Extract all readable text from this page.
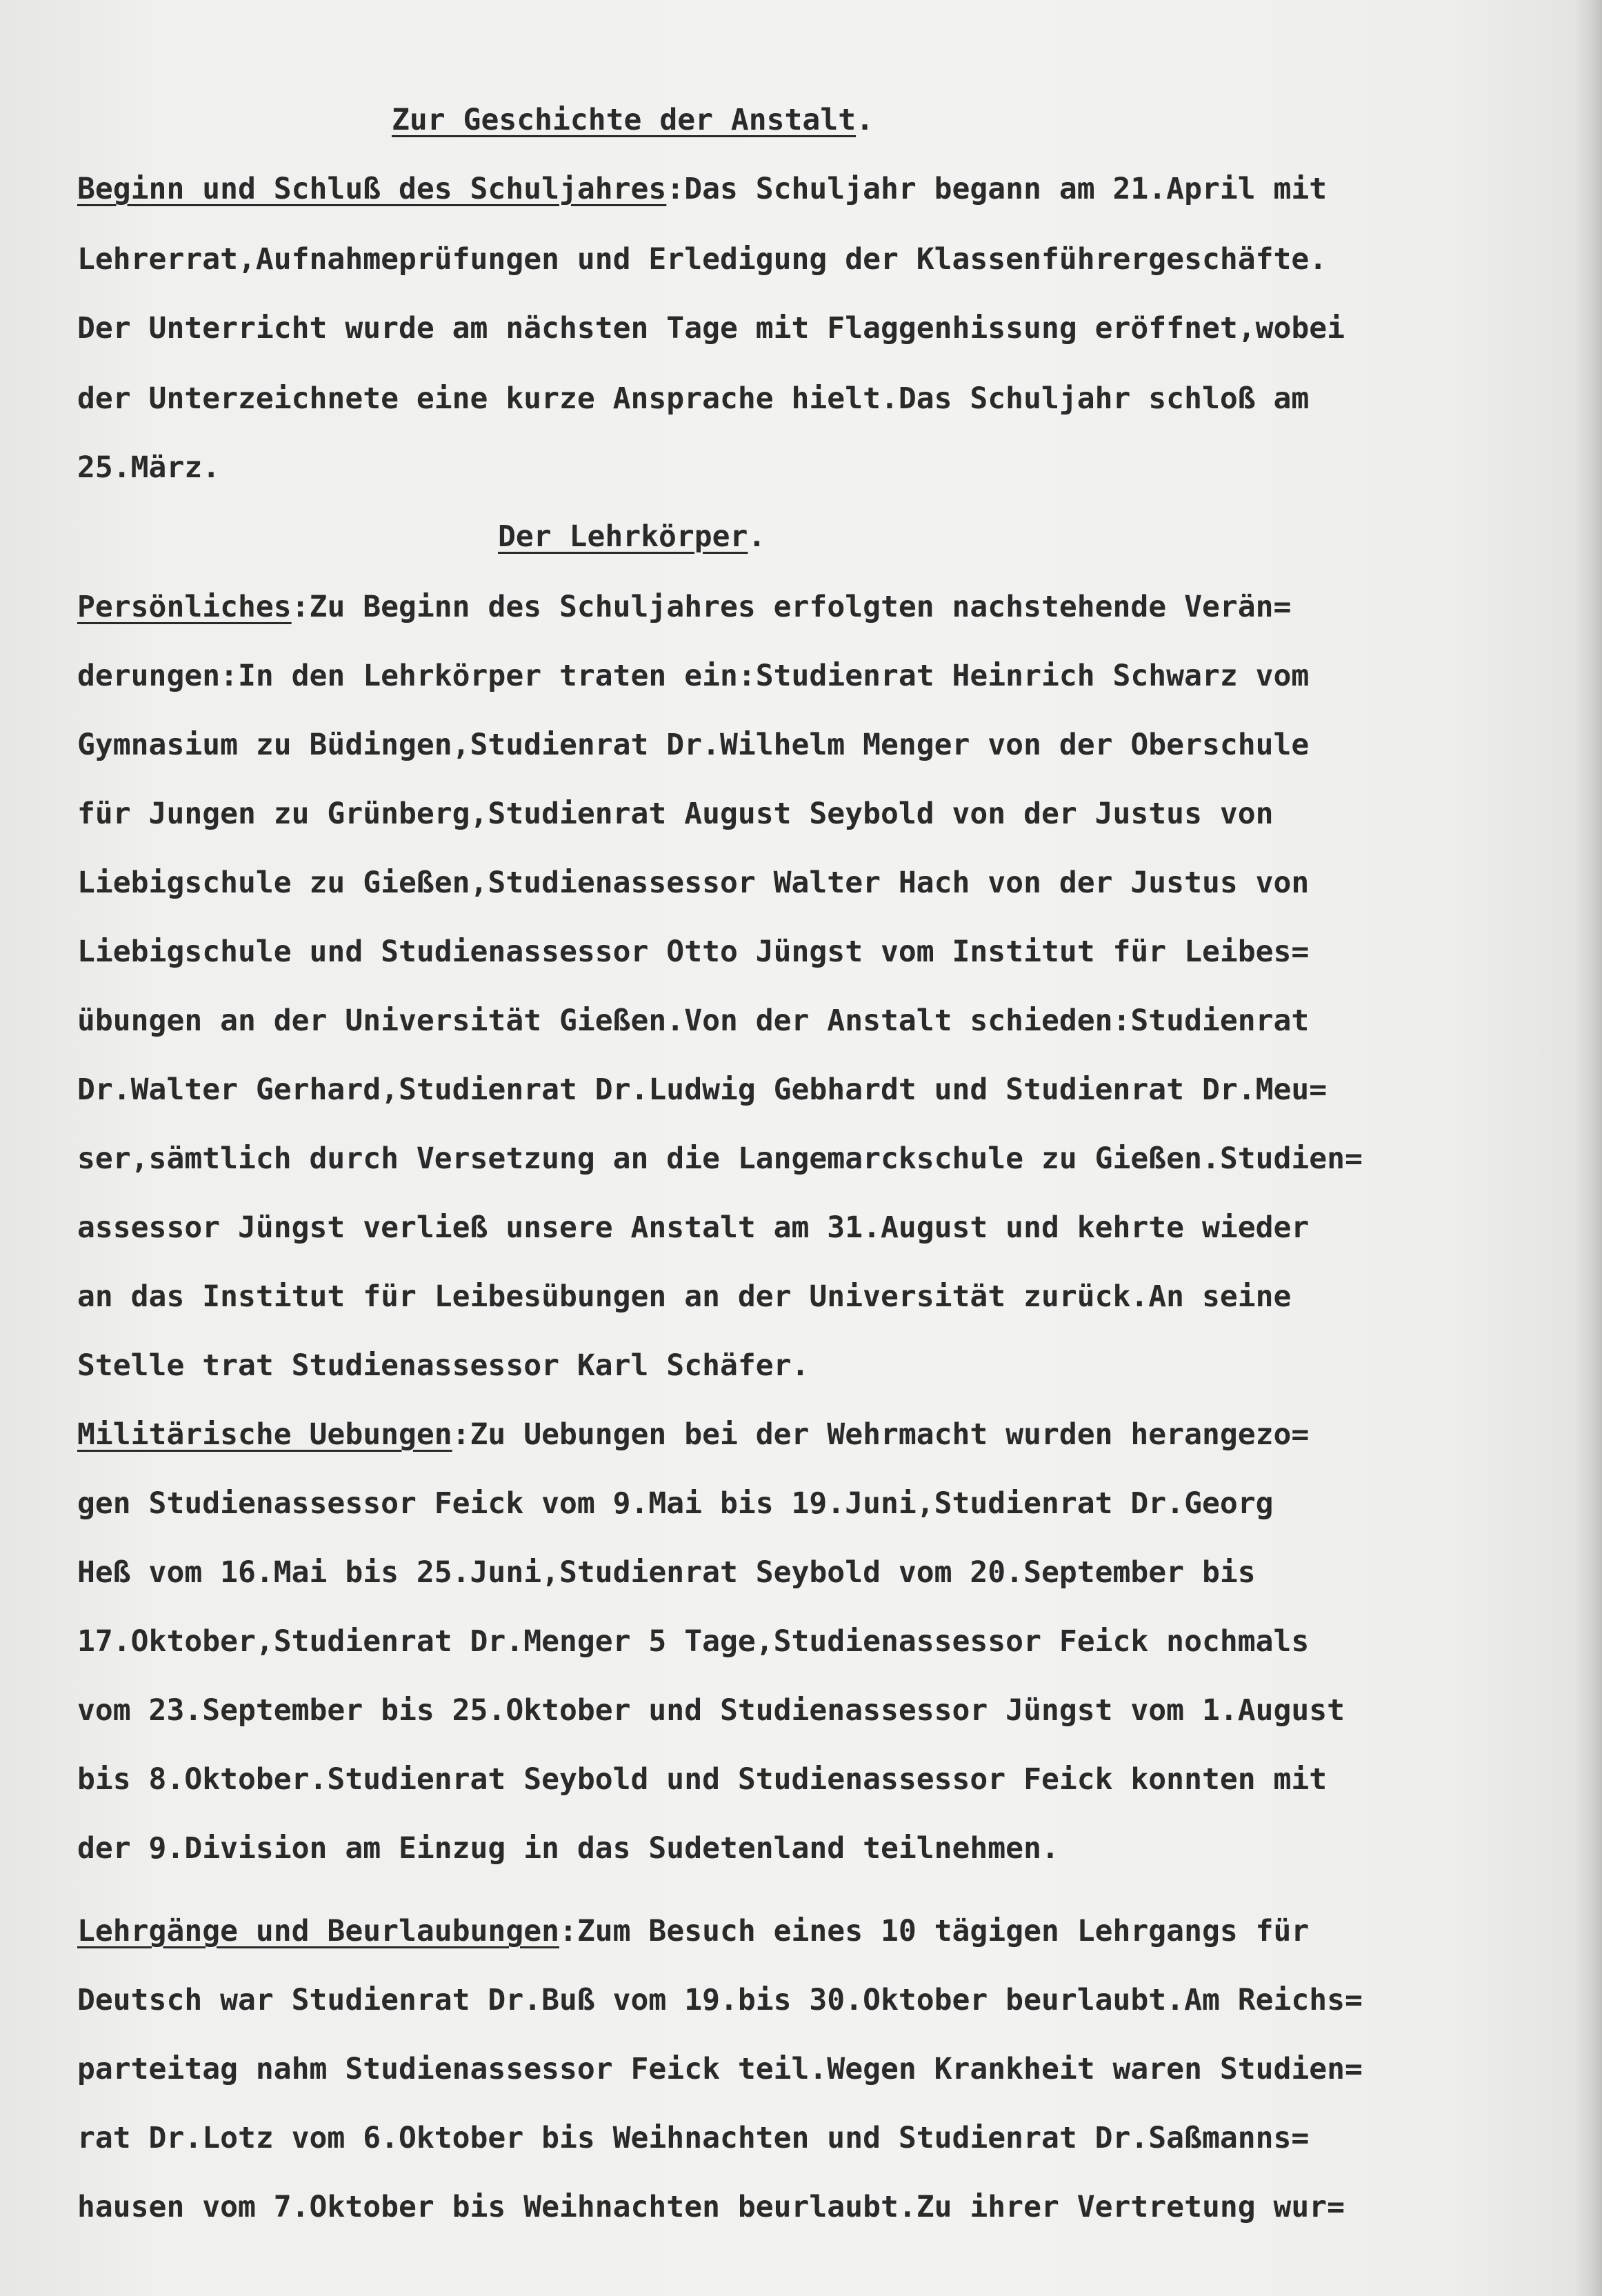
Zur Geschichte der Anstalt.

Beginn und Schluß des Schuljahres:Das Schuljahr begann am 21.April mit

Lehrerrat,Aufnahmeprüfungen und Erledigung der Klassenführergeschäfte.

Der Unterricht wurde am nächsten Tage mit Flaggenhissung eröffnet,wobei

der Unterzeichnete eine kurze Ansprache hielt.Das Schuljahr schloß am

25.März.

Der Lehrkörper.

Persönliches:Zu Beginn des Schuljahres erfolgten nachstehende Verän=

derungen:In den Lehrkörper traten ein:Studienrat Heinrich Schwarz vom

Gymnasium zu Büdingen,Studienrat Dr.Wilhelm Menger von der Oberschule

für Jungen zu Grünberg,Studienrat August Seybold von der Justus von

Liebigschule zu Gießen,Studienassessor Walter Hach von der Justus von

Liebigschule und Studienassessor Otto Jüngst vom Institut für Leibes=

übungen an der Universität Gießen.Von der Anstalt schieden:Studienrat

Dr.Walter Gerhard,Studienrat Dr.Ludwig Gebhardt und Studienrat Dr.Meu=

ser,sämtlich durch Versetzung an die Langemarckschule zu Gießen.Studien=

assessor Jüngst verließ unsere Anstalt am 31.August und kehrte wieder

an das Institut für Leibesübungen an der Universität zurück.An seine

Stelle trat Studienassessor Karl Schäfer.

Militärische Uebungen:Zu Uebungen bei der Wehrmacht wurden herangezo=

gen Studienassessor Feick vom 9.Mai bis 19.Juni,Studienrat Dr.Georg

Heß vom 16.Mai bis 25.Juni,Studienrat Seybold vom 20.September bis

17.Oktober,Studienrat Dr.Menger 5 Tage,Studienassessor Feick nochmals

vom 23.September bis 25.Oktober und Studienassessor Jüngst vom 1.August

bis 8.Oktober.Studienrat Seybold und Studienassessor Feick konnten mit

der 9.Division am Einzug in das Sudetenland teilnehmen.

Lehrgänge und Beurlaubungen:Zum Besuch eines 10 tägigen Lehrgangs für

Deutsch war Studienrat Dr.Buß vom 19.bis 30.Oktober beurlaubt.Am Reichs=

parteitag nahm Studienassessor Feick teil.Wegen Krankheit waren Studien=

rat Dr.Lotz vom 6.Oktober bis Weihnachten und Studienrat Dr.Saßmanns=

hausen vom 7.Oktober bis Weihnachten beurlaubt.Zu ihrer Vertretung wur=
